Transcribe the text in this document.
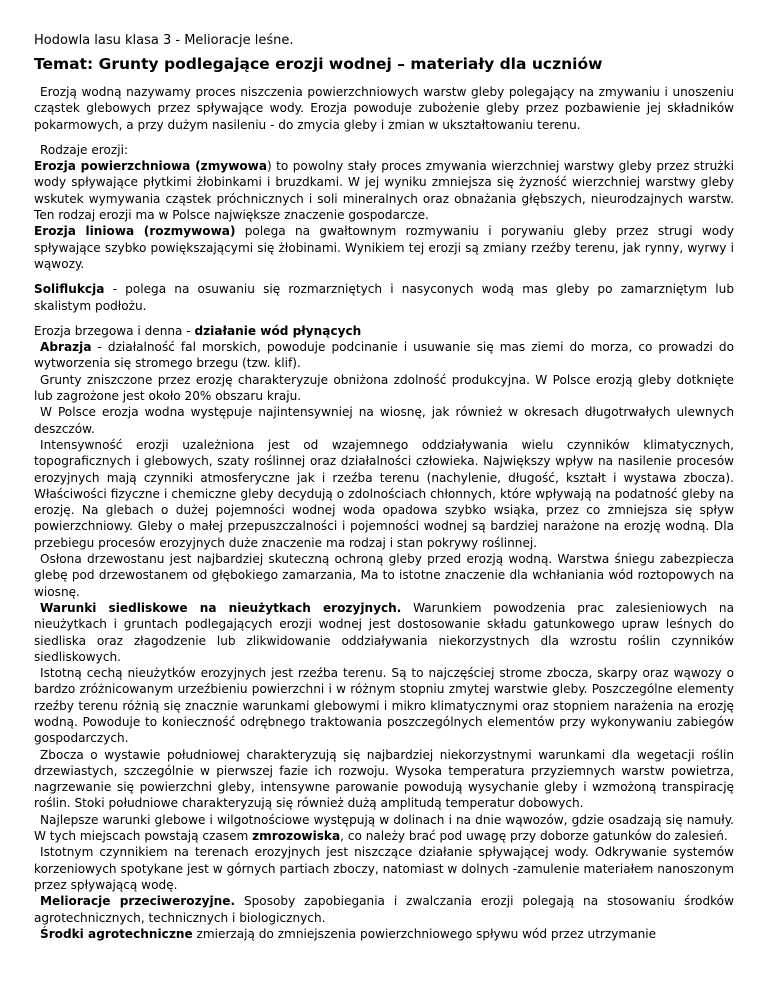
Hodowla lasu klasa 3 - Melioracje leśne.
Temat: Grunty podlegające erozji wodnej – materiały dla uczniów

Erozją wodną nazywamy proces niszczenia powierzchniowych warstw gleby polegający na zmywaniu i unoszeniu cząstek glebowych przez spływające wody. Erozja powoduje zubożenie gleby przez pozbawienie jej składników pokarmowych, a przy dużym nasileniu - do zmycia gleby i zmian w ukształtowaniu terenu.

Rodzaje erozji:

Erozja powierzchniowa (zmywowa) to powolny stały proces zmywania wierzchniej warstwy gleby przez strużki wody spływające płytkimi żłobinkami i bruzdkami. W jej wyniku zmniejsza się żyzność wierzchniej warstwy gleby wskutek wymywania cząstek próchnicznych i soli mineralnych oraz obnażania głębszych, nieurodzajnych warstw. Ten rodzaj erozji ma w Polsce największe znaczenie gospodarcze.

Erozja liniowa (rozmywowa) polega na gwałtownym rozmywaniu i porywaniu gleby przez strugi wody spływające szybko powiększającymi się żłobinami. Wynikiem tej erozji są zmiany rzeźby terenu, jak rynny, wyrwy i wąwozy.

Soliflukcja - polega na osuwaniu się rozmarzniętych i nasyconych wodą mas gleby po zamarzniętym lub skalistym podłożu.

Erozja brzegowa i denna - działanie wód płynących

Abrazja - działalność fal morskich, powoduje podcinanie i usuwanie się mas ziemi do morza, co prowadzi do wytworzenia się stromego brzegu (tzw. klif).

Grunty zniszczone przez erozję charakteryzuje obniżona zdolność produkcyjna. W Polsce erozją gleby dotknięte lub zagrożone jest około 20% obszaru kraju.

W Polsce erozja wodna występuje najintensywniej na wiosnę, jak również w okresach długotrwałych ulewnych deszczów.

Intensywność erozji uzależniona jest od wzajemnego oddziaływania wielu czynników klimatycznych, topograficznych i glebowych, szaty roślinnej oraz działalności człowieka. Największy wpływ na nasilenie procesów erozyjnych mają czynniki atmosferyczne jak i rzeźba terenu (nachylenie, długość, kształt i wystawa zbocza). Właściwości fizyczne i chemiczne gleby decydują o zdolnościach chłonnych, które wpływają na podatność gleby na erozję. Na glebach o dużej pojemności wodnej woda opadowa szybko wsiąka, przez co zmniejsza się spływ powierzchniowy. Gleby o małej przepuszczalności i pojemności wodnej są bardziej narażone na erozję wodną. Dla przebiegu procesów erozyjnych duże znaczenie ma rodzaj i stan pokrywy roślinnej.

Osłona drzewostanu jest najbardziej skuteczną ochroną gleby przed erozją wodną. Warstwa śniegu zabezpiecza glebę pod drzewostanem od głębokiego zamarzania, Ma to istotne znaczenie dla wchłaniania wód roztopowych na wiosnę.

Warunki siedliskowe na nieużytkach erozyjnych. Warunkiem powodzenia prac zalesieniowych na nieużytkach i gruntach podlegających erozji wodnej jest dostosowanie składu gatunkowego upraw leśnych do siedliska oraz złagodzenie lub zlikwidowanie oddziaływania niekorzystnych dla wzrostu roślin czynników siedliskowych.

Istotną cechą nieużytków erozyjnych jest rzeźba terenu. Są to najczęściej strome zbocza, skarpy oraz wąwozy o bardzo zróżnicowanym urzeźbieniu powierzchni i w różnym stopniu zmytej warstwie gleby. Poszczególne elementy rzeźby terenu różnią się znacznie warunkami glebowymi i mikro klimatycznymi oraz stopniem narażenia na erozję wodną. Powoduje to konieczność odrębnego traktowania poszczególnych elementów przy wykonywaniu zabiegów gospodarczych.

Zbocza o wystawie południowej charakteryzują się najbardziej niekorzystnymi warunkami dla wegetacji roślin drzewiastych, szczególnie w pierwszej fazie ich rozwoju. Wysoka temperatura przyziemnych warstw powietrza, nagrzewanie się powierzchni gleby, intensywne parowanie powodują wysychanie gleby i wzmożoną transpirację roślin. Stoki południowe charakteryzują się również dużą amplitudą temperatur dobowych.

Najlepsze warunki glebowe i wilgotnościowe występują w dolinach i na dnie wąwozów, gdzie osadzają się namuły. W tych miejscach powstają czasem zmrozowiska, co należy brać pod uwagę przy doborze gatunków do zalesień.

Istotnym czynnikiem na terenach erozyjnych jest niszczące działanie spływającej wody. Odkrywanie systemów korzeniowych spotykane jest w górnych partiach zboczy, natomiast w dolnych -zamulenie materiałem nanoszonym przez spływającą wodę.

Melioracje przeciwerozyjne. Sposoby zapobiegania i zwalczania erozji polegają na stosowaniu środków agrotechnicznych, technicznych i biologicznych.

Środki agrotechniczne zmierzają do zmniejszenia powierzchniowego spływu wód przez utrzymanie
